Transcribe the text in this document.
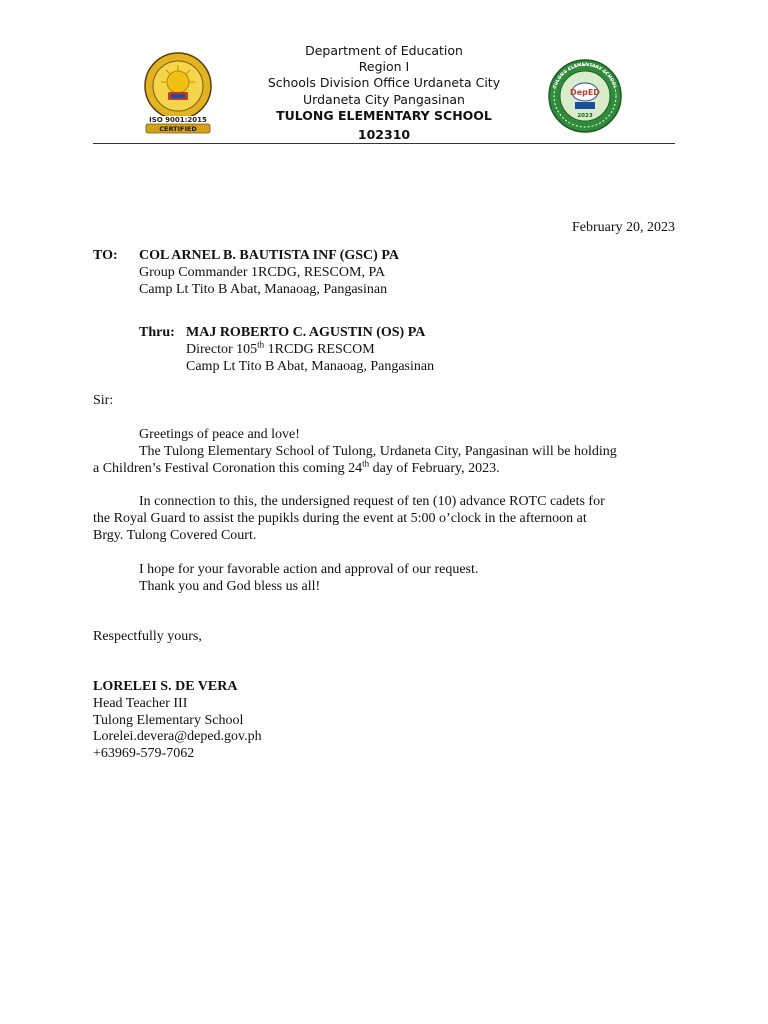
ISO 9001:2015
CERTIFIED
Department of Education
Region I
Schools Division Office Urdaneta City
Urdaneta City Pangasinan
TULONG ELEMENTARY SCHOOL
102310
DepED
2023
TULONG ELEMENTARY SCHOOL
February 20, 2023
TO: COL ARNEL B. BAUTISTA INF (GSC) PA
Group Commander 1RCDG, RESCOM, PA
Camp Lt Tito B Abat, Manaoag, Pangasinan
Thru: MAJ ROBERTO C. AGUSTIN (OS) PA
Director 105th 1RCDG RESCOM
Camp Lt Tito B Abat, Manaoag, Pangasinan
Sir:
Greetings of peace and love!
The Tulong Elementary School of Tulong, Urdaneta City, Pangasinan will be holding
a Children’s Festival Coronation this coming 24th day of February, 2023.
In connection to this, the undersigned request of ten (10) advance ROTC cadets for
the Royal Guard to assist the pupikls during the event at 5:00 o’clock in the afternoon at
Brgy. Tulong Covered Court.
I hope for your favorable action and approval of our request.
Thank you and God bless us all!
Respectfully yours,
LORELEI S. DE VERA
Head Teacher III
Tulong Elementary School
Lorelei.devera@deped.gov.ph
+63969-579-7062
